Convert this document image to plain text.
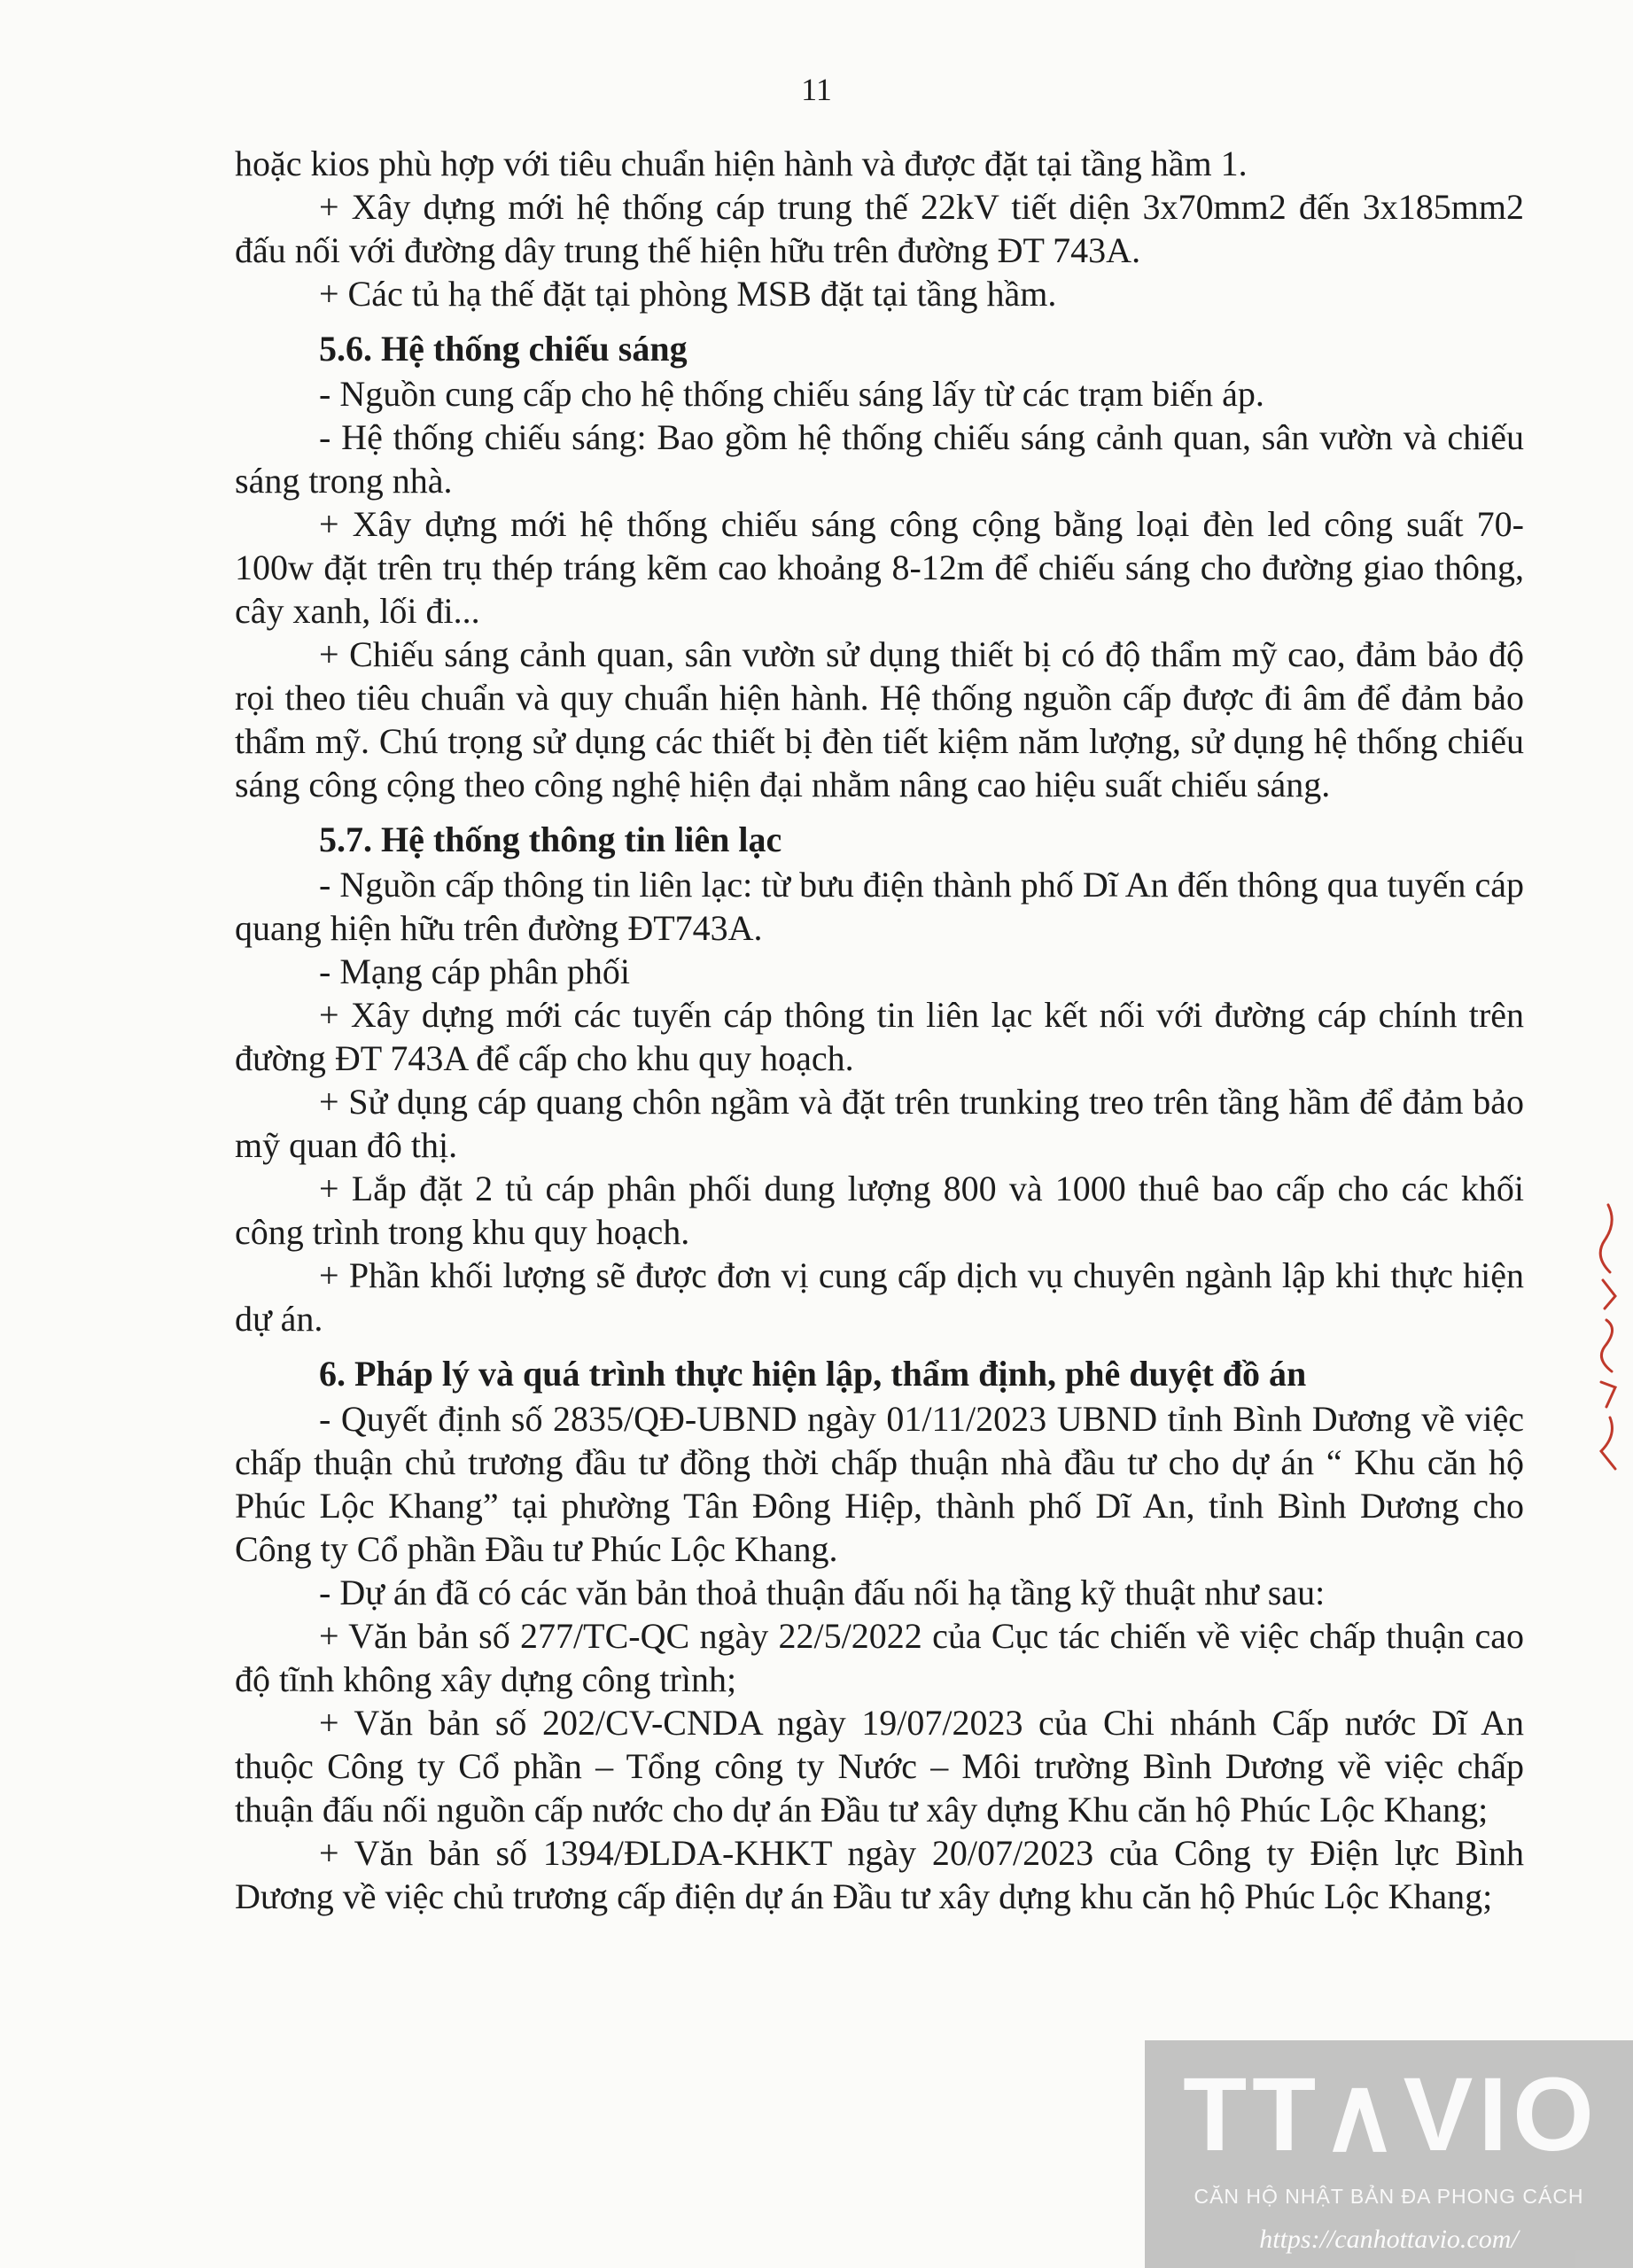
11

hoặc kios phù hợp với tiêu chuẩn hiện hành và được đặt tại tầng hầm 1.

+ Xây dựng mới hệ thống cáp trung thế 22kV tiết diện 3x70mm2 đến 3x185mm2 đấu nối với đường dây trung thế hiện hữu trên đường ĐT 743A.

+ Các tủ hạ thế đặt tại phòng MSB đặt tại tầng hầm.

5.6. Hệ thống chiếu sáng

- Nguồn cung cấp cho hệ thống chiếu sáng lấy từ các trạm biến áp.

- Hệ thống chiếu sáng: Bao gồm hệ thống chiếu sáng cảnh quan, sân vườn và chiếu sáng trong nhà.

+ Xây dựng mới hệ thống chiếu sáng công cộng bằng loại đèn led công suất 70-100w đặt trên trụ thép tráng kẽm cao khoảng 8-12m để chiếu sáng cho đường giao thông, cây xanh, lối đi...

+ Chiếu sáng cảnh quan, sân vườn sử dụng thiết bị có độ thẩm mỹ cao, đảm bảo độ rọi theo tiêu chuẩn và quy chuẩn hiện hành. Hệ thống nguồn cấp được đi âm để đảm bảo thẩm mỹ. Chú trọng sử dụng các thiết bị đèn tiết kiệm năm lượng, sử dụng hệ thống chiếu sáng công cộng theo công nghệ hiện đại nhằm nâng cao hiệu suất chiếu sáng.

5.7. Hệ thống thông tin liên lạc

- Nguồn cấp thông tin liên lạc: từ bưu điện thành phố Dĩ An đến thông qua tuyến cáp quang hiện hữu trên đường ĐT743A.

- Mạng cáp phân phối

+ Xây dựng mới các tuyến cáp thông tin liên lạc kết nối với đường cáp chính trên đường ĐT 743A để cấp cho khu quy hoạch.

+ Sử dụng cáp quang chôn ngầm và đặt trên trunking treo trên tầng hầm để đảm bảo mỹ quan đô thị.

+ Lắp đặt 2 tủ cáp phân phối dung lượng 800 và 1000 thuê bao cấp cho các khối công trình trong khu quy hoạch.

+ Phần khối lượng sẽ được đơn vị cung cấp dịch vụ chuyên ngành lập khi thực hiện dự án.

6. Pháp lý và quá trình thực hiện lập, thẩm định, phê duyệt đồ án

- Quyết định số 2835/QĐ-UBND ngày 01/11/2023 UBND tỉnh Bình Dương về việc chấp thuận chủ trương đầu tư đồng thời chấp thuận nhà đầu tư cho dự án “ Khu căn hộ Phúc Lộc Khang” tại phường Tân Đông Hiệp, thành phố Dĩ An, tỉnh Bình Dương cho Công ty Cổ phần Đầu tư Phúc Lộc Khang.

- Dự án đã có các văn bản thoả thuận đấu nối hạ tầng kỹ thuật như sau:

+ Văn bản số 277/TC-QC ngày 22/5/2022 của Cục tác chiến về việc chấp thuận cao độ tĩnh không xây dựng công trình;

+ Văn bản số 202/CV-CNDA ngày 19/07/2023 của Chi nhánh Cấp nước Dĩ An thuộc Công ty Cổ phần – Tổng công ty Nước – Môi trường Bình Dương về việc chấp thuận đấu nối nguồn cấp nước cho dự án Đầu tư xây dựng Khu căn hộ Phúc Lộc Khang;

+ Văn bản số 1394/ĐLDA-KHKT ngày 20/07/2023 của Công ty Điện lực Bình Dương về việc chủ trương cấp điện dự án Đầu tư xây dựng khu căn hộ Phúc Lộc Khang;

TT∧VIO
CĂN HỘ NHẬT BẢN ĐA PHONG CÁCH
https://canhottavio.com/
